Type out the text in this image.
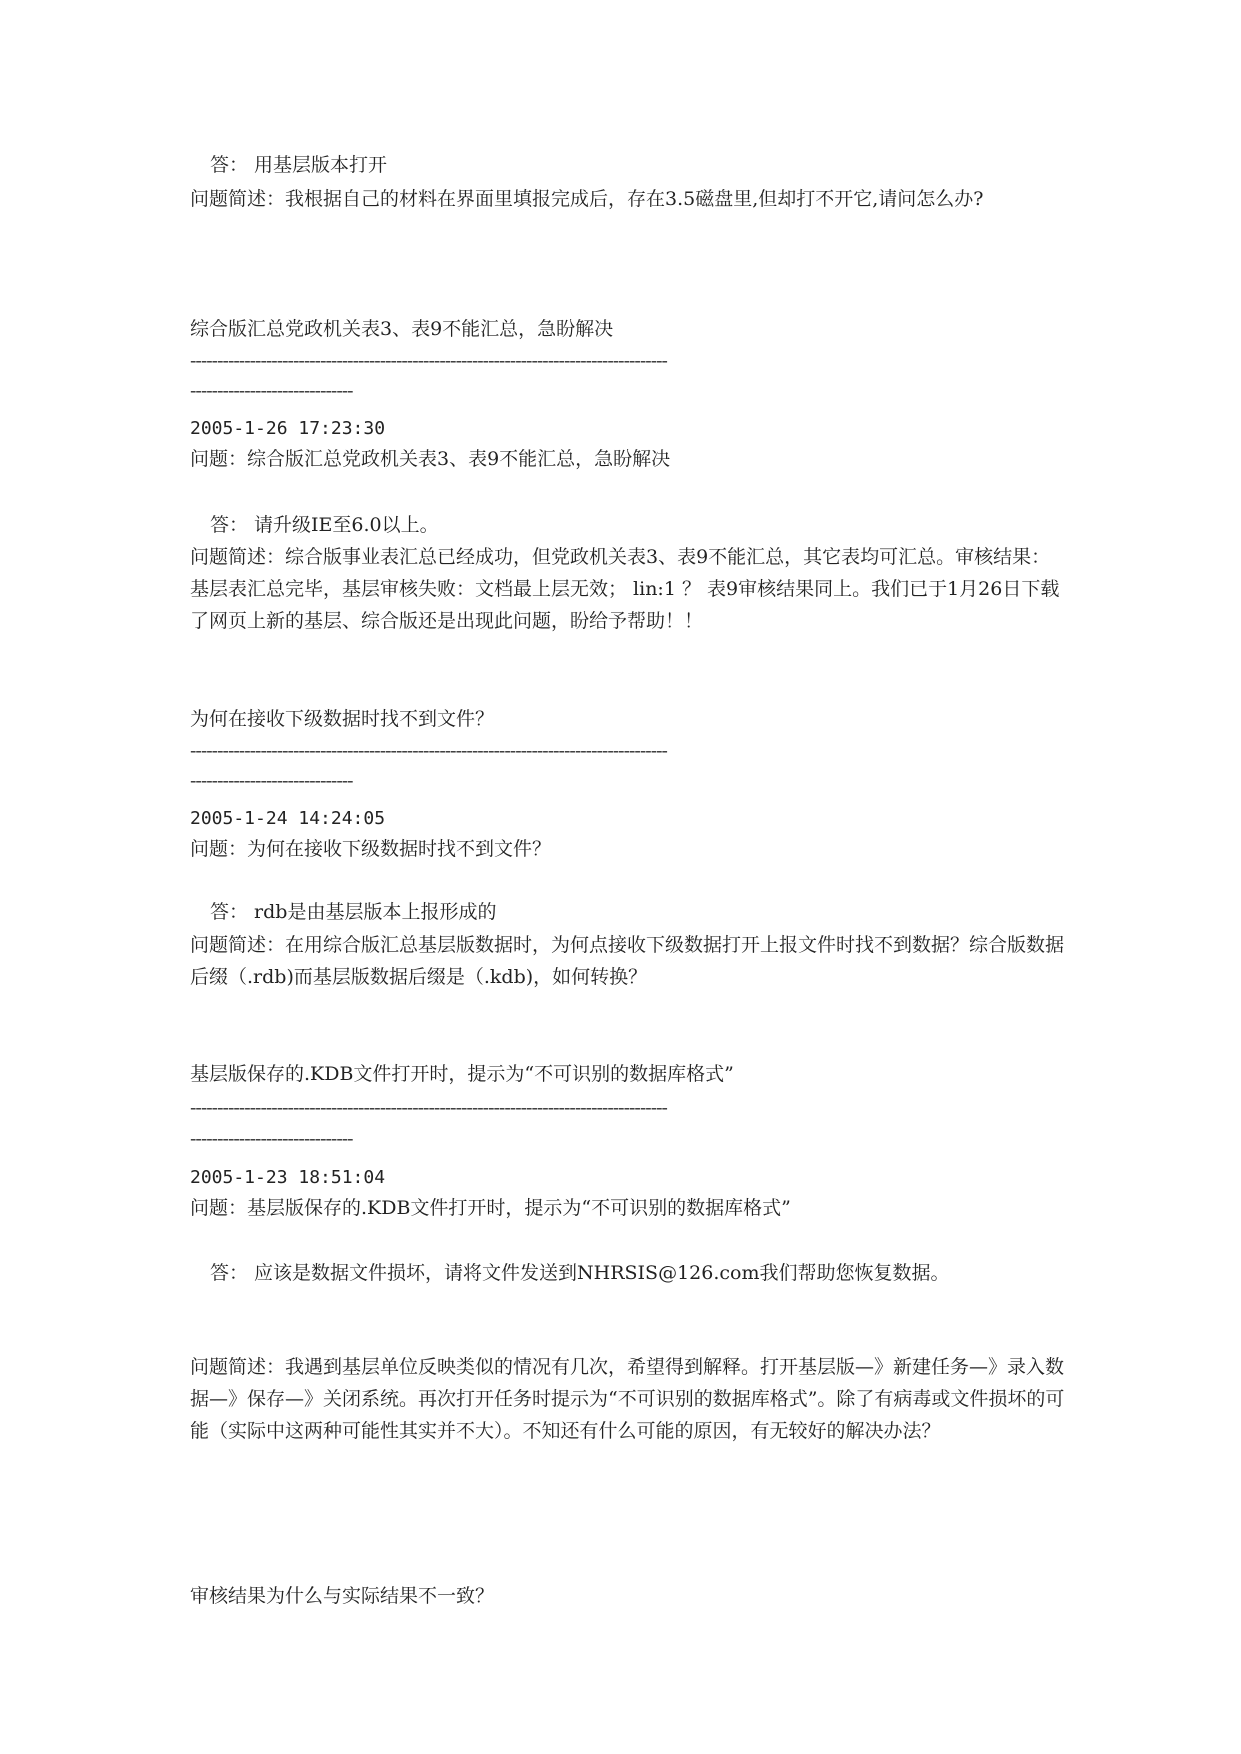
答： 用基层版本打开
问题简述：我根据自己的材料在界面里填报完成后，存在3.5磁盘里,但却打不开它,请问怎么办?
综合版汇总党政机关表3、表9不能汇总，急盼解决
----------------------------------------------------------------------------------------
------------------------------
2005-1-26 17:23:30
问题：综合版汇总党政机关表3、表9不能汇总，急盼解决
答： 请升级IE至6.0以上。
问题简述：综合版事业表汇总已经成功，但党政机关表3、表9不能汇总，其它表均可汇总。审核结果：基层表汇总完毕，基层审核失败：文档最上层无效； lin:1 ？ 表9审核结果同上。我们已于1月26日下载了网页上新的基层、综合版还是出现此问题，盼给予帮助！！
为何在接收下级数据时找不到文件？
----------------------------------------------------------------------------------------
------------------------------
2005-1-24 14:24:05
问题：为何在接收下级数据时找不到文件？
答： rdb是由基层版本上报形成的
问题简述：在用综合版汇总基层版数据时，为何点接收下级数据打开上报文件时找不到数据？综合版数据后缀（.rdb)而基层版数据后缀是（.kdb)，如何转换？
基层版保存的.KDB文件打开时，提示为“不可识别的数据库格式”
----------------------------------------------------------------------------------------
------------------------------
2005-1-23 18:51:04
问题：基层版保存的.KDB文件打开时，提示为“不可识别的数据库格式”
答： 应该是数据文件损坏，请将文件发送到NHRSIS@126.com我们帮助您恢复数据。
问题简述：我遇到基层单位反映类似的情况有几次，希望得到解释。打开基层版—》新建任务—》录入数据—》保存—》关闭系统。再次打开任务时提示为“不可识别的数据库格式”。除了有病毒或文件损坏的可能（实际中这两种可能性其实并不大）。不知还有什么可能的原因，有无较好的解决办法？
审核结果为什么与实际结果不一致？
